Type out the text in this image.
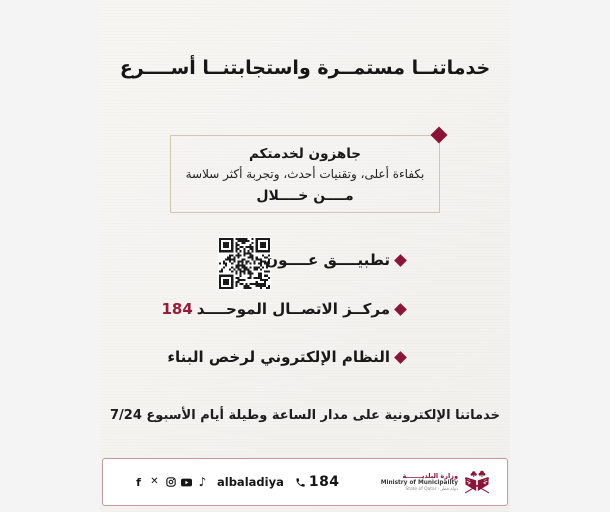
خدماتنــا مستمــرة واستجابتنــا أســــرع

جاهزون لخدمتكم

بكفاءة أعلى، وتقنيات أحدث، وتجربة أكثر سلاسة

مــــن خــــلال

تطبيــــق عــــون
مركــز الاتصــال الموحــــد
184
النظام الإلكتروني لرخص البناء

خدماتنا الإلكترونية على مدار الساعة وطيلة أيام الأسبوع 7/24

f ✕	♪ albaladiya 184	وزارة البلديـــــــة
Ministry of Municipality
State of Qatar · دولة قطر
